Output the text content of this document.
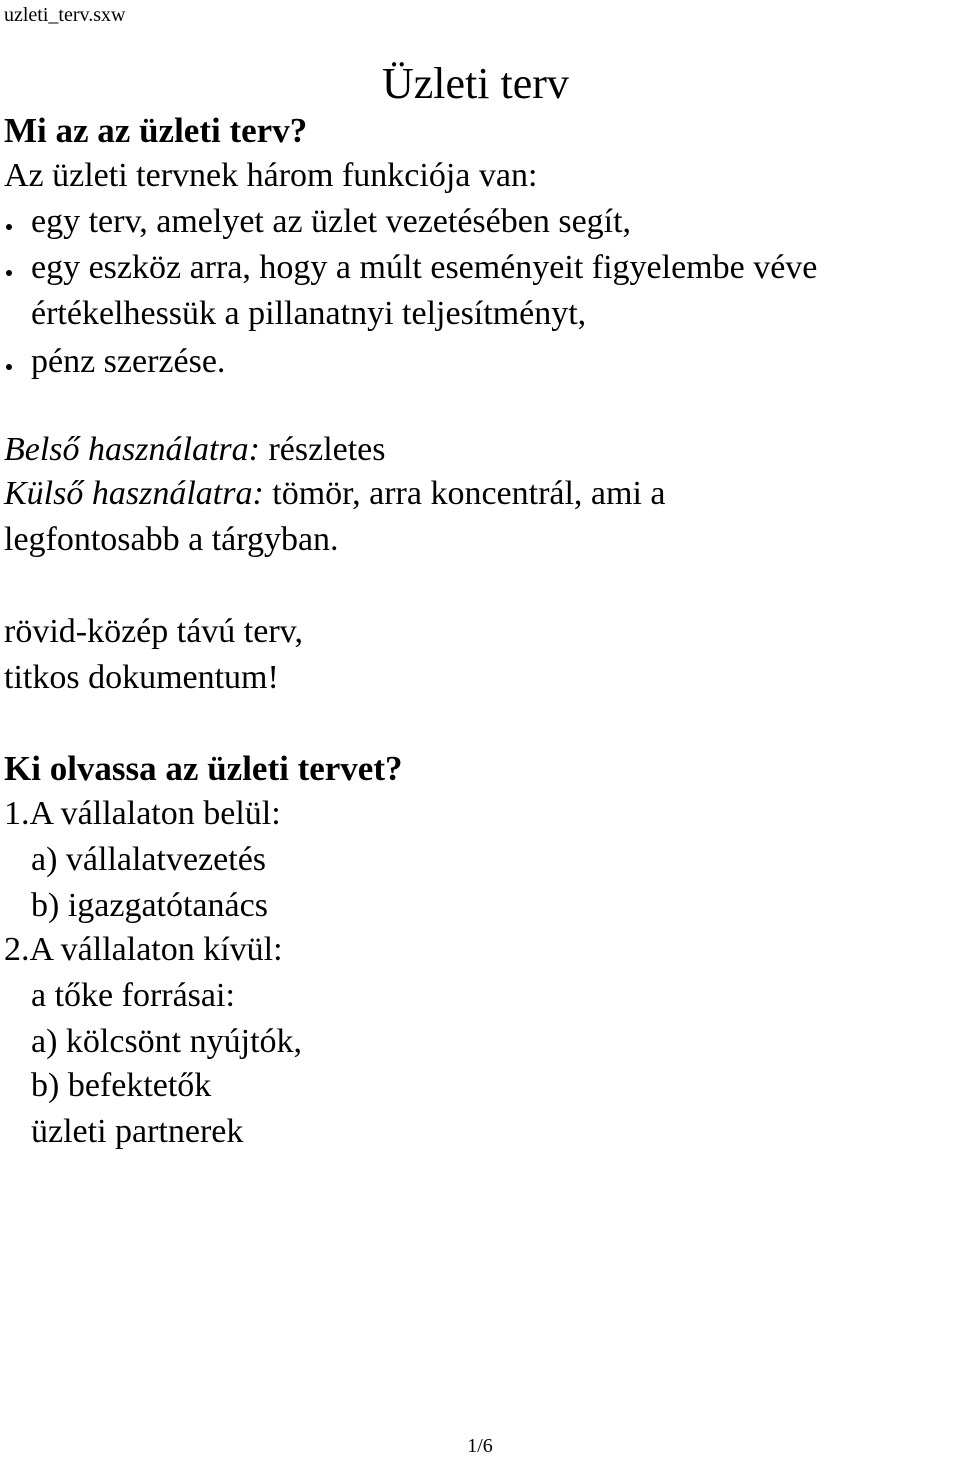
uzleti_terv.sxw
Üzleti terv
Mi az az üzleti terv?
Az üzleti tervnek három funkciója van:
egy terv, amelyet az üzlet vezetésében segít,
egy eszköz arra, hogy a múlt eseményeit figyelembe véve
értékelhessük a pillanatnyi teljesítményt,
pénz szerzése.
Belső használatra: részletes
Külső használatra: tömör, arra koncentrál, ami a
legfontosabb a tárgyban.
rövid-közép távú terv,
titkos dokumentum!
Ki olvassa az üzleti tervet?
1.A vállalaton belül:
a) vállalatvezetés
b) igazgatótanács
2.A vállalaton kívül:
a tőke forrásai:
a) kölcsönt nyújtók,
b) befektetők
üzleti partnerek
1/6
